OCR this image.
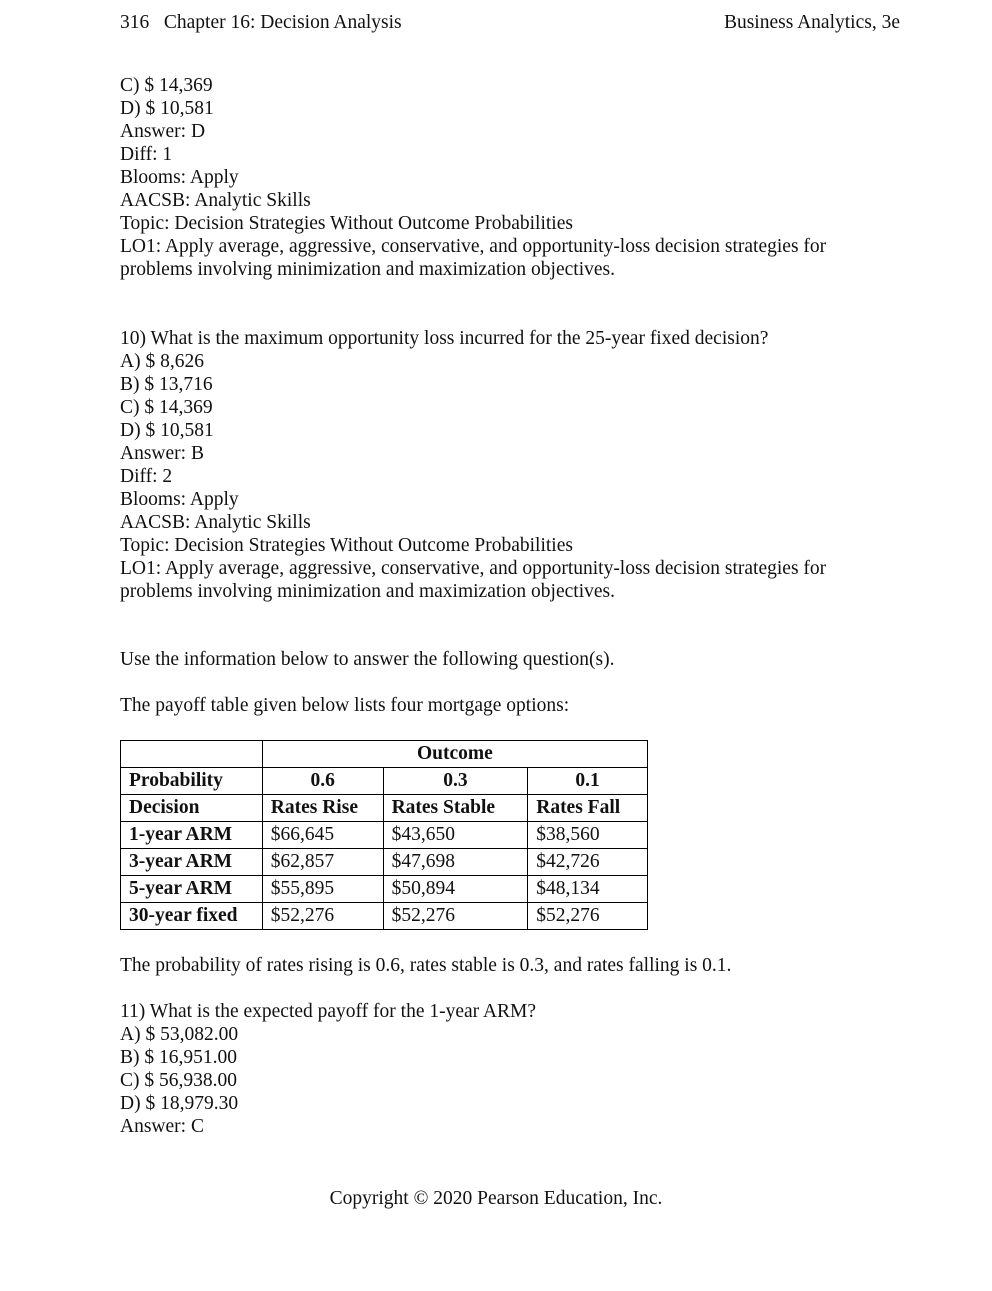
316   Chapter 16: Decision Analysis	Business Analytics, 3e
C) $ 14,369
D) $ 10,581
Answer: D
Diff: 1
Blooms: Apply
AACSB: Analytic Skills
Topic: Decision Strategies Without Outcome Probabilities
LO1: Apply average, aggressive, conservative, and opportunity-loss decision strategies for problems involving minimization and maximization objectives.
10) What is the maximum opportunity loss incurred for the 25-year fixed decision?
A) $ 8,626
B) $ 13,716
C) $ 14,369
D) $ 10,581
Answer: B
Diff: 2
Blooms: Apply
AACSB: Analytic Skills
Topic: Decision Strategies Without Outcome Probabilities
LO1: Apply average, aggressive, conservative, and opportunity-loss decision strategies for problems involving minimization and maximization objectives.
Use the information below to answer the following question(s).
The payoff table given below lists four mortgage options:
	Outcome		
Probability	0.6	0.3	0.1
Decision	Rates Rise	Rates Stable	Rates Fall
1-year ARM	$66,645	$43,650	$38,560
3-year ARM	$62,857	$47,698	$42,726
5-year ARM	$55,895	$50,894	$48,134
30-year fixed	$52,276	$52,276	$52,276
The probability of rates rising is 0.6, rates stable is 0.3, and rates falling is 0.1.
11) What is the expected payoff for the 1-year ARM?
A) $ 53,082.00
B) $ 16,951.00
C) $ 56,938.00
D) $ 18,979.30
Answer: C
Copyright © 2020 Pearson Education, Inc.
